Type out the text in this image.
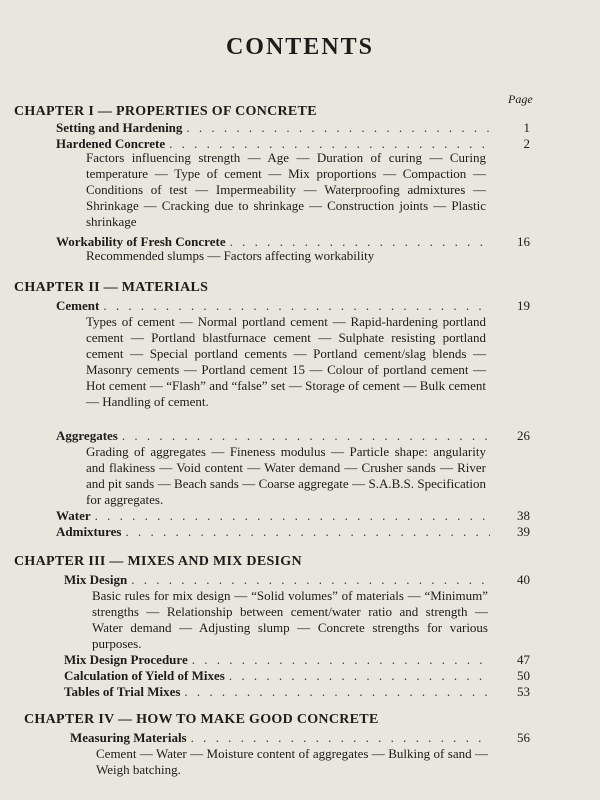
CONTENTS
Page
CHAPTER I — PROPERTIES OF CONCRETE
Setting and Hardening . . .	1
Hardened Concrete . . .	2
Factors influencing strength — Age — Duration of curing — Curing temperature — Type of cement — Mix proportions — Compaction — Conditions of test — Impermeability — Waterproofing admixtures — Shrinkage — Cracking due to shrinkage — Construction joints — Plastic shrinkage
Workability of Fresh Concrete . . .	16
Recommended slumps — Factors affecting workability
CHAPTER II — MATERIALS
Cement . . .	19
Types of cement — Normal portland cement — Rapid-hardening portland cement — Portland blastfurnace cement — Sulphate resisting portland cement — Special portland cements — Portland cement/slag blends — Masonry cements — Portland cement 15 — Colour of portland cement — Hot cement — “Flash” and “false” set — Storage of cement — Bulk cement — Handling of cement.
Aggregates . . .	26
Grading of aggregates — Fineness modulus — Particle shape: angularity and flakiness — Void content — Water demand — Crusher sands — River and pit sands — Beach sands — Coarse aggregate — S.A.B.S. Specification for aggregates.
Water . . .	38
Admixtures . . .	39
CHAPTER III — MIXES AND MIX DESIGN
Mix Design . . .	40
Basic rules for mix design — “Solid volumes” of materials — “Minimum” strengths — Relationship between cement/water ratio and strength — Water demand — Adjusting slump — Concrete strengths for various purposes.
Mix Design Procedure . . .	47
Calculation of Yield of Mixes . . .	50
Tables of Trial Mixes . . .	53
CHAPTER IV — HOW TO MAKE GOOD CONCRETE
Measuring Materials . . .	56
Cement — Water — Moisture content of aggregates — Bulking of sand — Weigh batching.
